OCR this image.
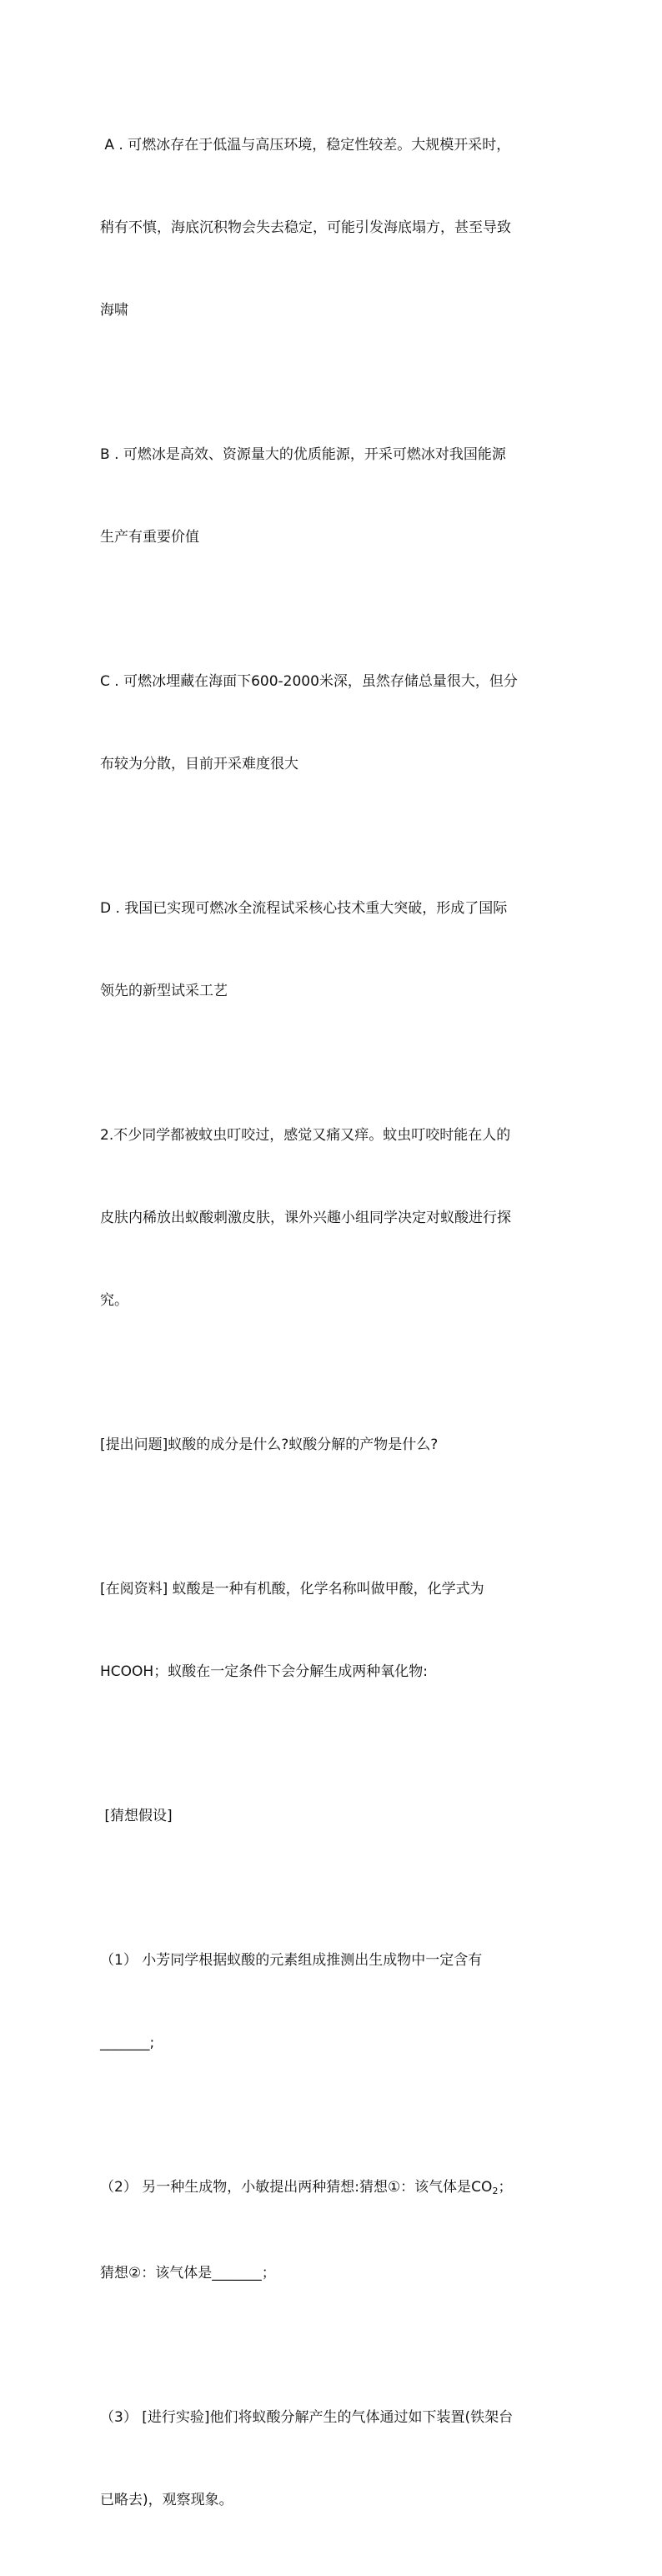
A . 可燃冰存在于低温与高压环境，稳定性较差。大规模开采时，

稍有不慎，海底沉积物会失去稳定，可能引发海底塌方，甚至导致

海啸

B . 可燃冰是高效、资源量大的优质能源，开采可燃冰对我国能源

生产有重要价值

C . 可燃冰埋藏在海面下600-2000米深，虽然存储总量很大，但分

布较为分散，目前开采难度很大

D . 我国已实现可燃冰全流程试采核心技术重大突破，形成了国际

领先的新型试采工艺

2.不少同学都被蚊虫叮咬过，感觉又痛又痒。蚊虫叮咬时能在人的

皮肤内稀放出蚁酸刺激皮肤，课外兴趣小组同学决定对蚁酸进行探

究。

[提出问题]蚁酸的成分是什么?蚁酸分解的产物是什么?

[在阅资料] 蚁酸是一种有机酸，化学名称叫做甲酸，化学式为

HCOOH；蚁酸在一定条件下会分解生成两种氧化物:

[猜想假设]

（1） 小芳同学根据蚁酸的元素组成推测出生成物中一定含有

_______;

（2） 另一种生成物，小敏提出两种猜想:猜想①：该气体是$CO_2$；

猜想②：该气体是_______；

（3） [进行实验]他们将蚁酸分解产生的气体通过如下装置(铁架台

已略去)，观察现象。
